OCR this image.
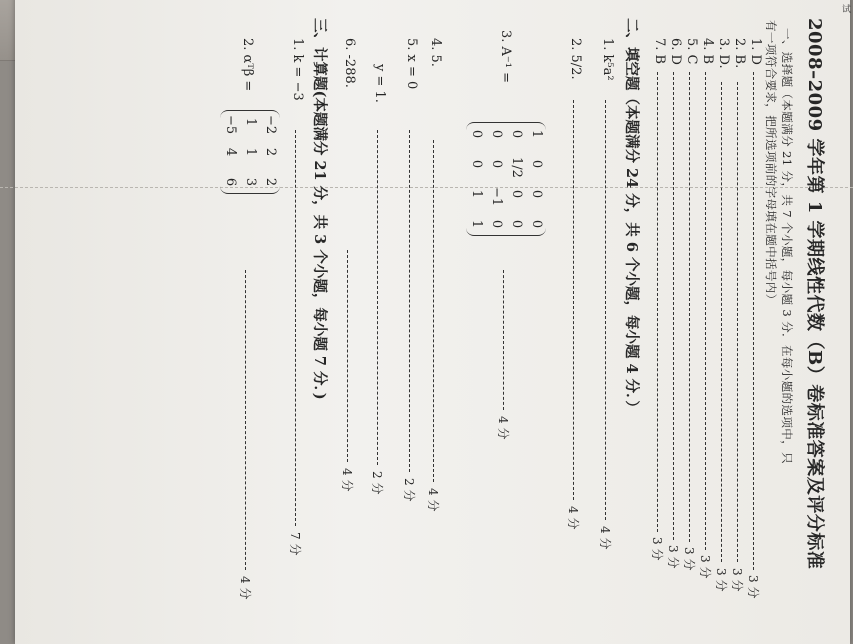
试
2008–2009 学年第 1 学期线性代数（B）卷标准答案及评分标准
一、选择题（本题满分 21 分，共 7 个小题，每小题 3 分．在每小题的选项中，只
有一项符合要求，把所选项前的字母填在题中括号内）
1. D
3 分
2. B.
3 分
3. D.
3 分
4. B
3 分
5. C
3 分
6. D
3 分
7. B
3 分
二、填空题（本题满分 24 分，共 6 个小题，每小题 4 分．）
1. k⁵a²
4 分
2. 5/2.
4 分
3. A⁻¹ =
1
0
0
0
0
1/2
0
0
0
0
−1
0
0
0
1
1
4 分
4. 5.
4 分
5. x = 0
2 分
y = 1.
2 分
6. -288.
4 分
三、计算题(本题满分 21 分，共 3 个小题，每小题 7 分．)
1. k = −3
7 分
2. αᵀβ =
−2
2
2
1
1
3
−5
4
6
4 分
